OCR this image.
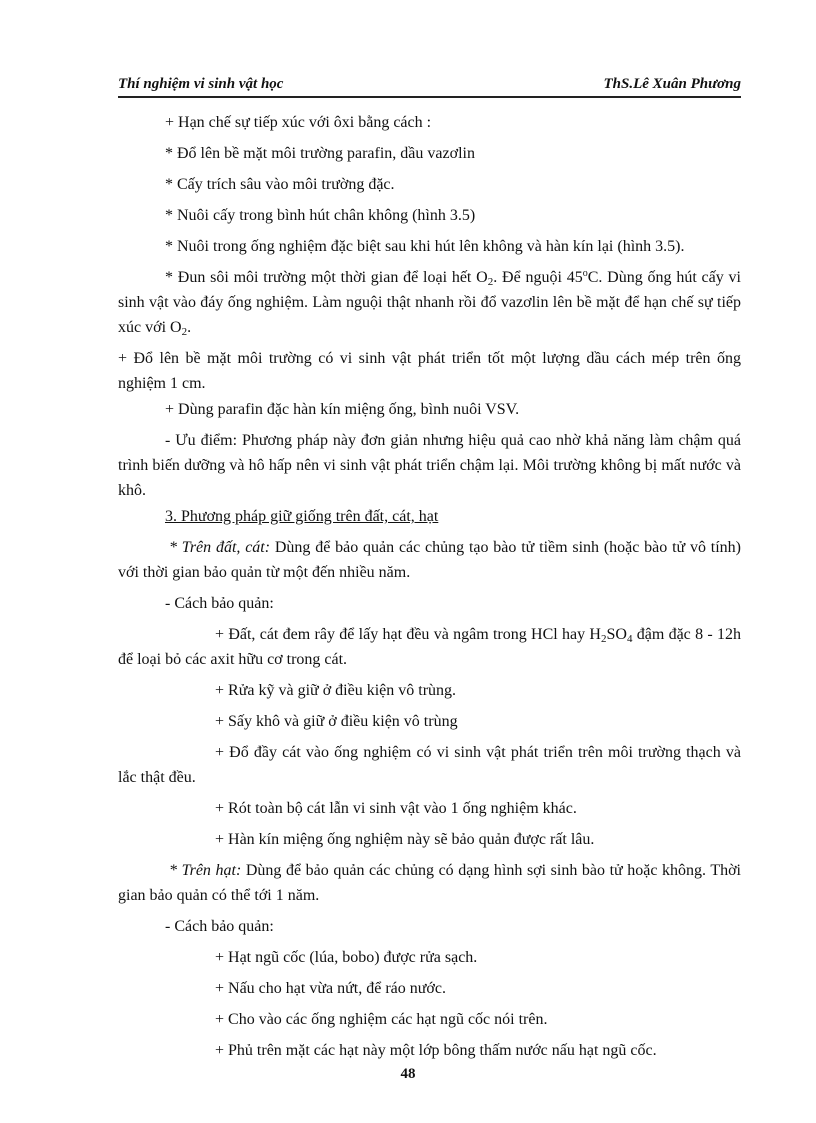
Thí nghiệm vi sinh vật học	ThS.Lê Xuân Phương

+ Hạn chế sự tiếp xúc với ôxi bằng cách :

* Đổ lên bề mặt môi trường parafin, dầu vazơlin

* Cấy trích sâu vào môi trường đặc.

* Nuôi cấy trong bình hút chân không (hình 3.5)

* Nuôi trong ống nghiệm đặc biệt sau khi hút lên không và hàn kín lại (hình 3.5).

* Đun sôi môi trường một thời gian để loại hết $O_2$. Để nguội 45$^o$C. Dùng ống hút cấy vi sinh vật vào đáy ống nghiệm. Làm nguội thật nhanh rồi đổ vazơlin lên bề mặt để hạn chế sự tiếp xúc với $O_2$.

+ Đổ lên bề mặt môi trường có vi sinh vật phát triển tốt một lượng dầu cách mép trên ống nghiệm 1 cm.

+ Dùng parafin đặc hàn kín miệng ống, bình nuôi VSV.

- Ưu điểm: Phương pháp này đơn giản nhưng hiệu quả cao nhờ khả năng làm chậm quá trình biến dưỡng và hô hấp nên vi sinh vật phát triển chậm lại. Môi trường không bị mất nước và khô.

3. Phương pháp giữ giống trên đất, cát, hạt

* Trên đất, cát: Dùng để bảo quản các chủng tạo bào tử tiềm sinh (hoặc bào tử vô tính) với thời gian bảo quản từ một đến nhiều năm.

- Cách bảo quản:

+ Đất, cát đem rây để lấy hạt đều và ngâm trong HCl hay $H_2SO_4$ đậm đặc 8 - 12h để loại bỏ các axit hữu cơ trong cát.

+ Rửa kỹ và giữ ở điều kiện vô trùng.

+ Sấy khô và giữ ở điều kiện vô trùng

+ Đổ đầy cát vào ống nghiệm có vi sinh vật phát triển trên môi trường thạch và lắc thật đều.

+ Rót toàn bộ cát lẫn vi sinh vật vào 1 ống nghiệm khác.

+ Hàn kín miệng ống nghiệm này sẽ bảo quản được rất lâu.

* Trên hạt: Dùng để bảo quản các chủng có dạng hình sợi sinh bào tử hoặc không. Thời gian bảo quản có thể tới 1 năm.

- Cách bảo quản:

+ Hạt ngũ cốc (lúa, bobo) được rửa sạch.

+ Nấu cho hạt vừa nứt, để ráo nước.

+ Cho vào các ống nghiệm các hạt ngũ cốc nói trên.

+ Phủ trên mặt các hạt này một lớp bông thấm nước nấu hạt ngũ cốc.

48
